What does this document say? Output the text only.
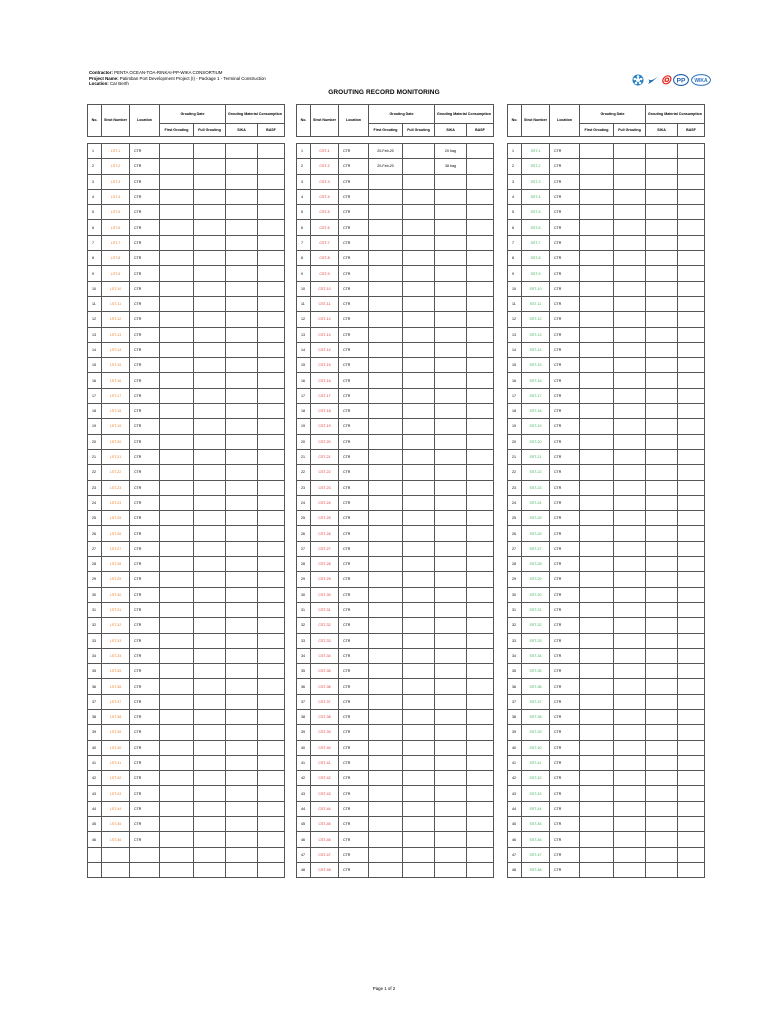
Contractor: PENTA OCEAN-TOA-RINKAI-PP-WIKA CONSORTIUM
Project Name: Patimban Port Development Project (I) - Package 1 - Terminal Construction
Location: Car Berth	⦾ PP WIKA
GROUTING RECORD MONITORING
No.	Strut Number	Location	Grouting Date		Grouting Material Consumption	
			First Grouting	Full Grouting	SIKA	BASF

1	LST-1	CTR				
2	LST-2	CTR				
3	LST-3	CTR				
4	LST-4	CTR				
5	LST-5	CTR				
6	LST-6	CTR				
7	LST-7	CTR				
8	LST-8	CTR				
9	LST-9	CTR				
10	LST-10	CTR				
11	LST-11	CTR				
12	LST-12	CTR				
13	LST-13	CTR				
14	LST-14	CTR				
15	LST-15	CTR				
16	LST-16	CTR				
17	LST-17	CTR				
18	LST-18	CTR				
19	LST-19	CTR				
20	LST-20	CTR				
21	LST-21	CTR				
22	LST-22	CTR				
23	LST-23	CTR				
24	LST-24	CTR				
25	LST-25	CTR				
26	LST-26	CTR				
27	LST-27	CTR				
28	LST-28	CTR				
29	LST-29	CTR				
30	LST-30	CTR				
31	LST-31	CTR				
32	LST-32	CTR				
33	LST-33	CTR				
34	LST-34	CTR				
35	LST-35	CTR				
36	LST-36	CTR				
37	LST-37	CTR				
38	LST-38	CTR				
39	LST-39	CTR				
40	LST-40	CTR				
41	LST-41	CTR				
42	LST-42	CTR				
43	LST-43	CTR				
44	LST-44	CTR				
45	LST-45	CTR				
46	LST-46	CTR				

No.	Strut Number	Location	Grouting Date		Grouting Material Consumption	
			First Grouting	Full Grouting	SIKA	BASF

1	CST-1	CTR	20-Feb-20		20 bag	
2	CST-2	CTR	20-Feb-20		38 bag	
3	CST-3	CTR				
4	CST-4	CTR				
5	CST-5	CTR				
6	CST-6	CTR				
7	CST-7	CTR				
8	CST-8	CTR				
9	CST-9	CTR				
10	CST-10	CTR				
11	CST-11	CTR				
12	CST-12	CTR				
13	CST-13	CTR				
14	CST-14	CTR				
15	CST-15	CTR				
16	CST-16	CTR				
17	CST-17	CTR				
18	CST-18	CTR				
19	CST-19	CTR				
20	CST-20	CTR				
21	CST-21	CTR				
22	CST-22	CTR				
23	CST-23	CTR				
24	CST-24	CTR				
25	CST-25	CTR				
26	CST-26	CTR				
27	CST-27	CTR				
28	CST-28	CTR				
29	CST-29	CTR				
30	CST-30	CTR				
31	CST-31	CTR				
32	CST-32	CTR				
33	CST-33	CTR				
34	CST-34	CTR				
35	CST-35	CTR				
36	CST-36	CTR				
37	CST-37	CTR				
38	CST-38	CTR				
39	CST-39	CTR				
40	CST-40	CTR				
41	CST-41	CTR				
42	CST-42	CTR				
43	CST-43	CTR				
44	CST-44	CTR				
45	CST-45	CTR				
46	CST-46	CTR				
47	CST-47	CTR				
48	CST-48	CTR				
No.	Strut Number	Location	Grouting Date		Grouting Material Consumption	
			First Grouting	Full Grouting	SIKA	BASF

1	SST-1	CTR				
2	SST-2	CTR				
3	SST-3	CTR				
4	SST-4	CTR				
5	SST-5	CTR				
6	SST-6	CTR				
7	SST-7	CTR				
8	SST-8	CTR				
9	SST-9	CTR				
10	SST-10	CTR				
11	SST-11	CTR				
12	SST-12	CTR				
13	SST-13	CTR				
14	SST-14	CTR				
15	SST-15	CTR				
16	SST-16	CTR				
17	SST-17	CTR				
18	SST-18	CTR				
19	SST-19	CTR				
20	SST-20	CTR				
21	SST-21	CTR				
22	SST-22	CTR				
23	SST-23	CTR				
24	SST-24	CTR				
25	SST-25	CTR				
26	SST-26	CTR				
27	SST-27	CTR				
28	SST-28	CTR				
29	SST-29	CTR				
30	SST-30	CTR				
31	SST-31	CTR				
32	SST-32	CTR				
33	SST-33	CTR				
34	SST-34	CTR				
35	SST-35	CTR				
36	SST-36	CTR				
37	SST-37	CTR				
38	SST-38	CTR				
39	SST-39	CTR				
40	SST-40	CTR				
41	SST-41	CTR				
42	SST-42	CTR				
43	SST-43	CTR				
44	SST-44	CTR				
45	SST-45	CTR				
46	SST-46	CTR				
47	SST-47	CTR				
48	SST-48	CTR				
Page 1 of 2
